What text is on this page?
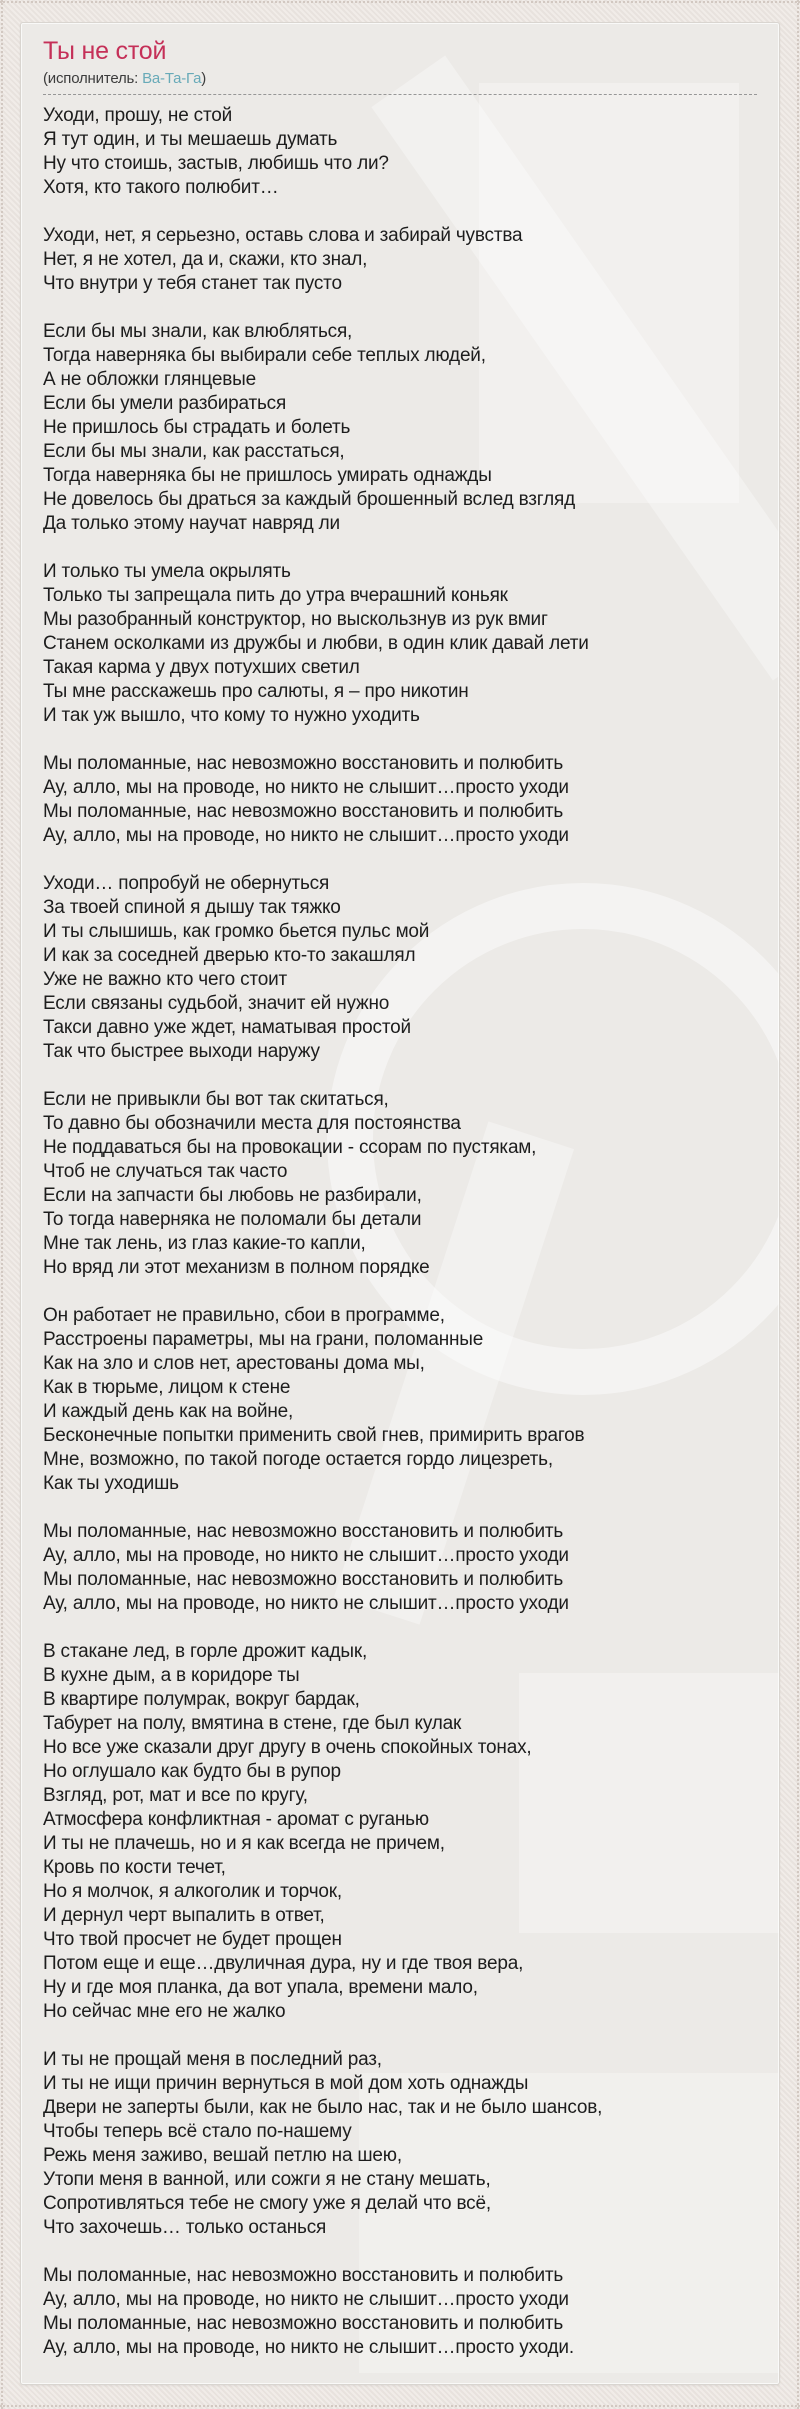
Ты не стой

(исполнитель: Ва-Та-Га)

Уходи, прошу, не стой
Я тут один, и ты мешаешь думать
Ну что стоишь, застыв, любишь что ли?
Хотя, кто такого полюбит…

Уходи, нет, я серьезно, оставь слова и забирай чувства
Нет, я не хотел, да и, скажи, кто знал,
Что внутри у тебя станет так пусто

Если бы мы знали, как влюбляться,
Тогда наверняка бы выбирали себе теплых людей,
А не обложки глянцевые
Если бы умели разбираться
Не пришлось бы страдать и болеть
Если бы мы знали, как расстаться,
Тогда наверняка бы не пришлось умирать однажды
Не довелось бы драться за каждый брошенный вслед взгляд
Да только этому научат навряд ли

И только ты умела окрылять
Только ты запрещала пить до утра вчерашний коньяк
Мы разобранный конструктор, но выскользнув из рук вмиг
Станем осколками из дружбы и любви, в один клик давай лети
Такая карма у двух потухших светил
Ты мне расскажешь про салюты, я – про никотин
И так уж вышло, что кому то нужно уходить

Мы поломанные, нас невозможно восстановить и полюбить
Ау, алло, мы на проводе, но никто не слышит…просто уходи
Мы поломанные, нас невозможно восстановить и полюбить
Ау, алло, мы на проводе, но никто не слышит…просто уходи

Уходи… попробуй не обернуться
За твоей спиной я дышу так тяжко
И ты слышишь, как громко бьется пульс мой
И как за соседней дверью кто-то закашлял
Уже не важно кто чего стоит
Если связаны судьбой, значит ей нужно
Такси давно уже ждет, наматывая простой
Так что быстрее выходи наружу

Если не привыкли бы вот так скитаться,
То давно бы обозначили места для постоянства
Не поддаваться бы на провокации - ссорам по пустякам,
Чтоб не случаться так часто
Если на запчасти бы любовь не разбирали,
То тогда наверняка не поломали бы детали
Мне так лень, из глаз какие-то капли,
Но вряд ли этот механизм в полном порядке

Он работает не правильно, сбои в программе,
Расстроены параметры, мы на грани, поломанные
Как на зло и слов нет, арестованы дома мы,
Как в тюрьме, лицом к стене
И каждый день как на войне,
Бесконечные попытки применить свой гнев, примирить врагов
Мне, возможно, по такой погоде остается гордо лицезреть,
Как ты уходишь

Мы поломанные, нас невозможно восстановить и полюбить
Ау, алло, мы на проводе, но никто не слышит…просто уходи
Мы поломанные, нас невозможно восстановить и полюбить
Ау, алло, мы на проводе, но никто не слышит…просто уходи

В стакане лед, в горле дрожит кадык,
В кухне дым, а в коридоре ты
В квартире полумрак, вокруг бардак,
Табурет на полу, вмятина в стене, где был кулак
Но все уже сказали друг другу в очень спокойных тонах,
Но оглушало как будто бы в рупор
Взгляд, рот, мат и все по кругу,
Атмосфера конфликтная - аромат с руганью
И ты не плачешь, но и я как всегда не причем,
Кровь по кости течет,
Но я молчок, я алкоголик и торчок,
И дернул черт выпалить в ответ,
Что твой просчет не будет прощен
Потом еще и еще…двуличная дура, ну и где твоя вера,
Ну и где моя планка, да вот упала, времени мало,
Но сейчас мне его не жалко

И ты не прощай меня в последний раз,
И ты не ищи причин вернуться в мой дом хоть однажды
Двери не заперты были, как не было нас, так и не было шансов,
Чтобы теперь всё стало по-нашему
Режь меня заживо, вешай петлю на шею,
Утопи меня в ванной, или сожги я не стану мешать,
Сопротивляться тебе не смогу уже я делай что всё,
Что захочешь… только останься

Мы поломанные, нас невозможно восстановить и полюбить
Ау, алло, мы на проводе, но никто не слышит…просто уходи
Мы поломанные, нас невозможно восстановить и полюбить
Ау, алло, мы на проводе, но никто не слышит…просто уходи.
